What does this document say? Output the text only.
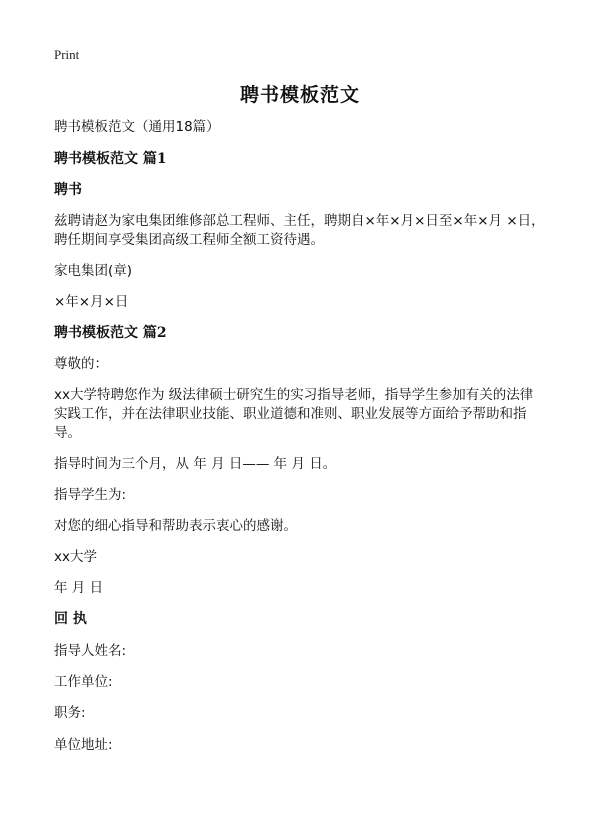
Print
聘书模板范文

聘书模板范文（通用18篇）

聘书模板范文 篇1

聘书

兹聘请赵为家电集团维修部总工程师、主任，聘期自×年×月×日至×年×月 ×日，聘任期间享受集团高级工程师全额工资待遇。

家电集团(章)

×年×月×日

聘书模板范文 篇2

尊敬的：

xx大学特聘您作为 级法律硕士研究生的实习指导老师，指导学生参加有关的法律实践工作，并在法律职业技能、职业道德和准则、职业发展等方面给予帮助和指导。

指导时间为三个月，从 年 月 日—— 年 月 日。

指导学生为:

对您的细心指导和帮助表示衷心的感谢。

xx大学

年 月 日

回 执

指导人姓名:

工作单位:

职务:

单位地址:
